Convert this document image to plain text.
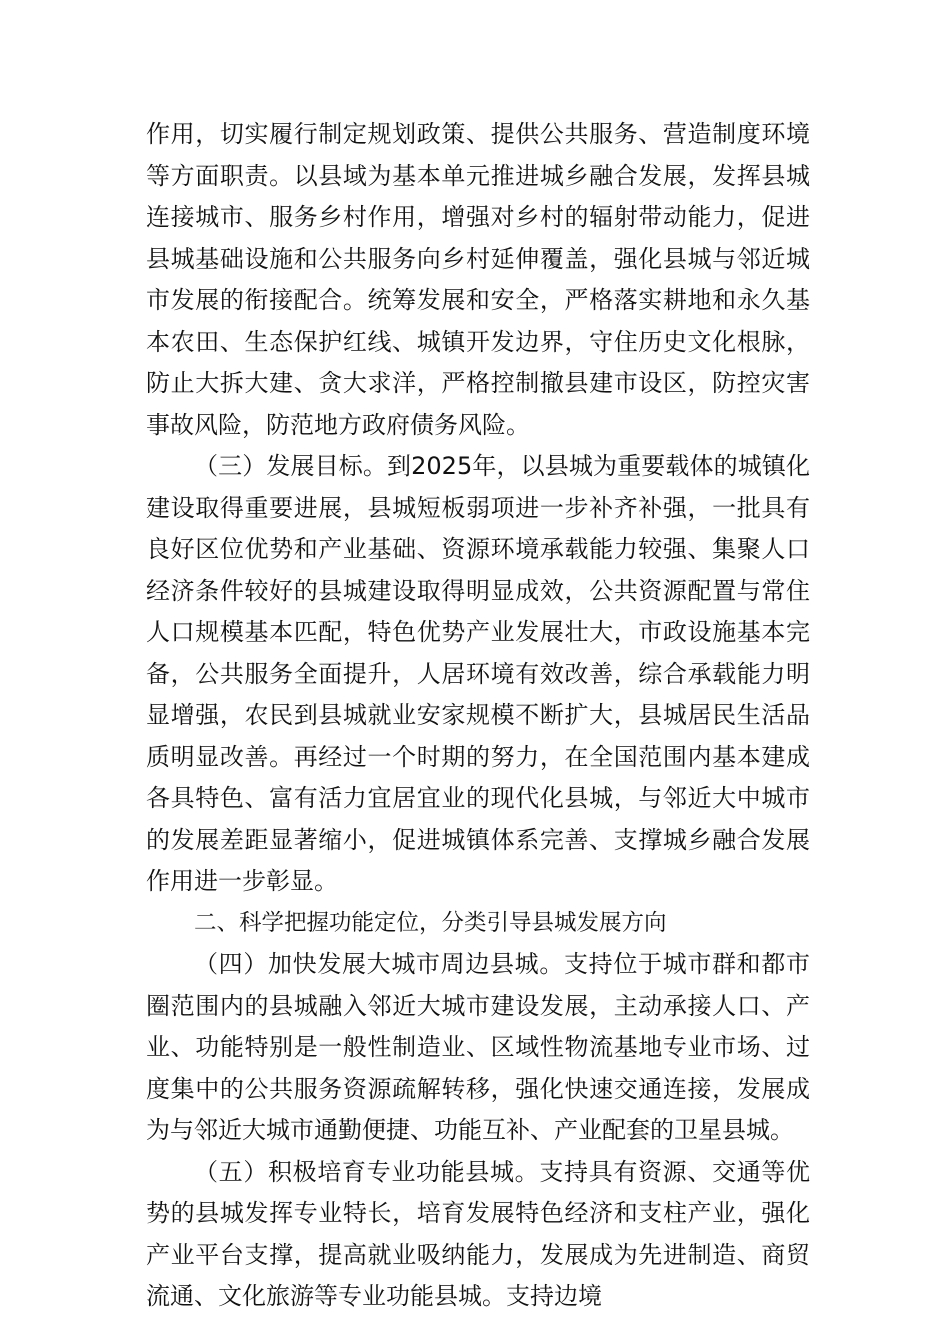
作用，切实履行制定规划政策、提供公共服务、营造制度环境等方面职责。以县域为基本单元推进城乡融合发展，发挥县城连接城市、服务乡村作用，增强对乡村的辐射带动能力，促进县城基础设施和公共服务向乡村延伸覆盖，强化县城与邻近城市发展的衔接配合。统筹发展和安全，严格落实耕地和永久基本农田、生态保护红线、城镇开发边界，守住历史文化根脉，防止大拆大建、贪大求洋，严格控制撤县建市设区，防控灾害事故风险，防范地方政府债务风险。

（三）发展目标。到2025年，以县城为重要载体的城镇化建设取得重要进展，县城短板弱项进一步补齐补强，一批具有良好区位优势和产业基础、资源环境承载能力较强、集聚人口经济条件较好的县城建设取得明显成效，公共资源配置与常住人口规模基本匹配，特色优势产业发展壮大，市政设施基本完备，公共服务全面提升，人居环境有效改善，综合承载能力明显增强，农民到县城就业安家规模不断扩大，县城居民生活品质明显改善。再经过一个时期的努力，在全国范围内基本建成各具特色、富有活力宜居宜业的现代化县城，与邻近大中城市的发展差距显著缩小，促进城镇体系完善、支撑城乡融合发展作用进一步彰显。

二、科学把握功能定位，分类引导县城发展方向

（四）加快发展大城市周边县城。支持位于城市群和都市圈范围内的县城融入邻近大城市建设发展，主动承接人口、产业、功能特别是一般性制造业、区域性物流基地专业市场、过度集中的公共服务资源疏解转移，强化快速交通连接，发展成为与邻近大城市通勤便捷、功能互补、产业配套的卫星县城。

（五）积极培育专业功能县城。支持具有资源、交通等优势的县城发挥专业特长，培育发展特色经济和支柱产业，强化产业平台支撑，提高就业吸纳能力，发展成为先进制造、商贸流通、文化旅游等专业功能县城。支持边境
